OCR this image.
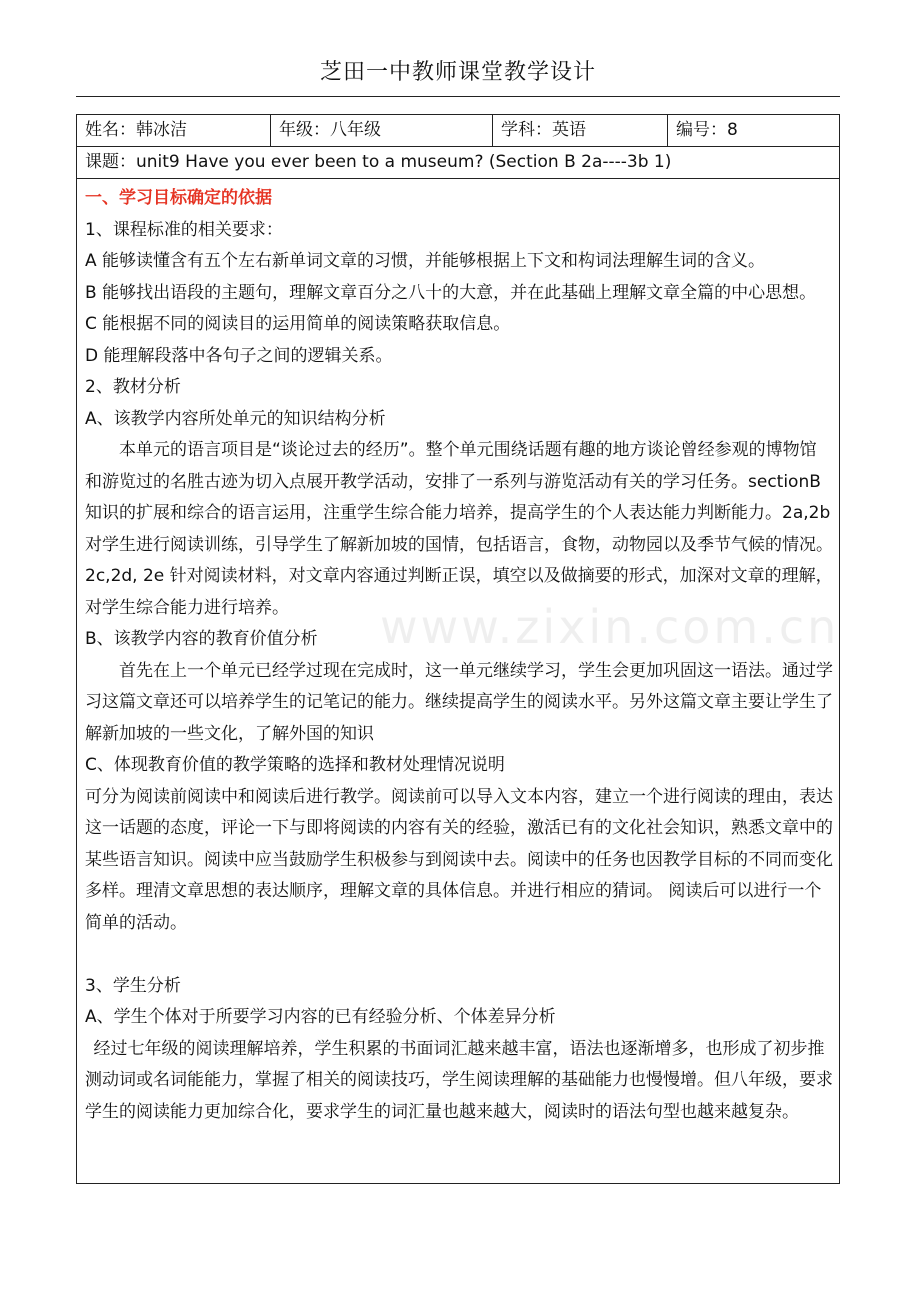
芝田一中教师课堂教学设计
姓名：韩冰洁	年级：八年级	学科：英语	编号：8
课题：unit9 Have you ever been to a museum? (Section B 2a----3b 1)

一、学习目标确定的依据

1、课程标准的相关要求：

A 能够读懂含有五个左右新单词文章的习惯，并能够根据上下文和构词法理解生词的含义。

B 能够找出语段的主题句，理解文章百分之八十的大意，并在此基础上理解文章全篇的中心思想。

C 能根据不同的阅读目的运用简单的阅读策略获取信息。

D 能理解段落中各句子之间的逻辑关系。

2、教材分析

A、该教学内容所处单元的知识结构分析

本单元的语言项目是“谈论过去的经历”。整个单元围绕话题有趣的地方谈论曾经参观的博物馆和游览过的名胜古迹为切入点展开教学活动，安排了一系列与游览活动有关的学习任务。sectionB 知识的扩展和综合的语言运用，注重学生综合能力培养，提高学生的个人表达能力判断能力。2a,2b 对学生进行阅读训练，引导学生了解新加坡的国情，包括语言，食物，动物园以及季节气候的情况。2c,2d, 2e 针对阅读材料，对文章内容通过判断正误，填空以及做摘要的形式，加深对文章的理解，对学生综合能力进行培养。

B、该教学内容的教育价值分析

首先在上一个单元已经学过现在完成时，这一单元继续学习，学生会更加巩固这一语法。通过学习这篇文章还可以培养学生的记笔记的能力。继续提高学生的阅读水平。另外这篇文章主要让学生了解新加坡的一些文化，了解外国的知识

C、体现教育价值的教学策略的选择和教材处理情况说明

可分为阅读前阅读中和阅读后进行教学。阅读前可以导入文本内容，建立一个进行阅读的理由，表达这一话题的态度，评论一下与即将阅读的内容有关的经验，激活已有的文化社会知识，熟悉文章中的某些语言知识。阅读中应当鼓励学生积极参与到阅读中去。阅读中的任务也因教学目标的不同而变化多样。理清文章思想的表达顺序，理解文章的具体信息。并进行相应的猜词。 阅读后可以进行一个简单的活动。

3、学生分析

A、学生个体对于所要学习内容的已有经验分析、个体差异分析

经过七年级的阅读理解培养，学生积累的书面词汇越来越丰富，语法也逐渐增多，也形成了初步推测动词或名词能能力，掌握了相关的阅读技巧，学生阅读理解的基础能力也慢慢增。但八年级，要求学生的阅读能力更加综合化，要求学生的词汇量也越来越大，阅读时的语法句型也越来越复杂。

www.zixin.com.cn
